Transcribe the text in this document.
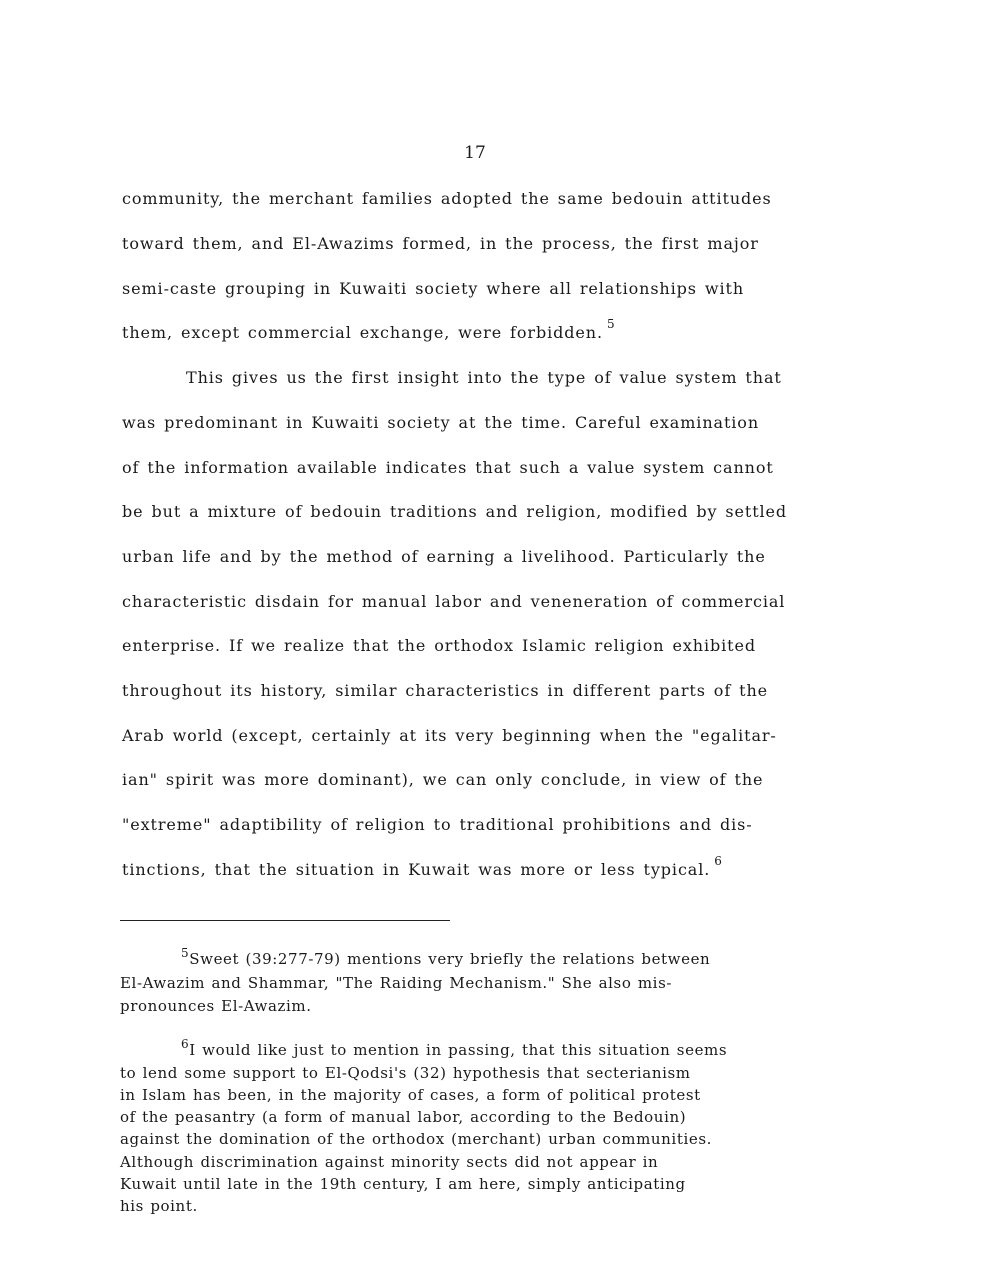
17
community, the merchant families adopted the same bedouin attitudes
toward them, and El-Awazims formed, in the process, the first major
semi-caste grouping in Kuwaiti society where all relationships with
them, except commercial exchange, were forbidden. $^5$
This gives us the first insight into the type of value system that
was predominant in Kuwaiti society at the time. Careful examination
of the information available indicates that such a value system cannot
be but a mixture of bedouin traditions and religion, modified by settled
urban life and by the method of earning a livelihood. Particularly the
characteristic disdain for manual labor and veneneration of commercial
enterprise. If we realize that the orthodox Islamic religion exhibited
throughout its history, similar characteristics in different parts of the
Arab world (except, certainly at its very beginning when the "egalitar-
ian" spirit was more dominant), we can only conclude, in view of the
"extreme" adaptibility of religion to traditional prohibitions and dis-
tinctions, that the situation in Kuwait was more or less typical. $^6$
$^5$Sweet (39:277-79) mentions very briefly the relations between
El-Awazim and Shammar, "The Raiding Mechanism." She also mis-
pronounces El-Awazim.
$^6$I would like just to mention in passing, that this situation seems
to lend some support to El-Qodsi's (32) hypothesis that secterianism
in Islam has been, in the majority of cases, a form of political protest
of the peasantry (a form of manual labor, according to the Bedouin)
against the domination of the orthodox (merchant) urban communities.
Although discrimination against minority sects did not appear in
Kuwait until late in the 19th century, I am here, simply anticipating
his point.
